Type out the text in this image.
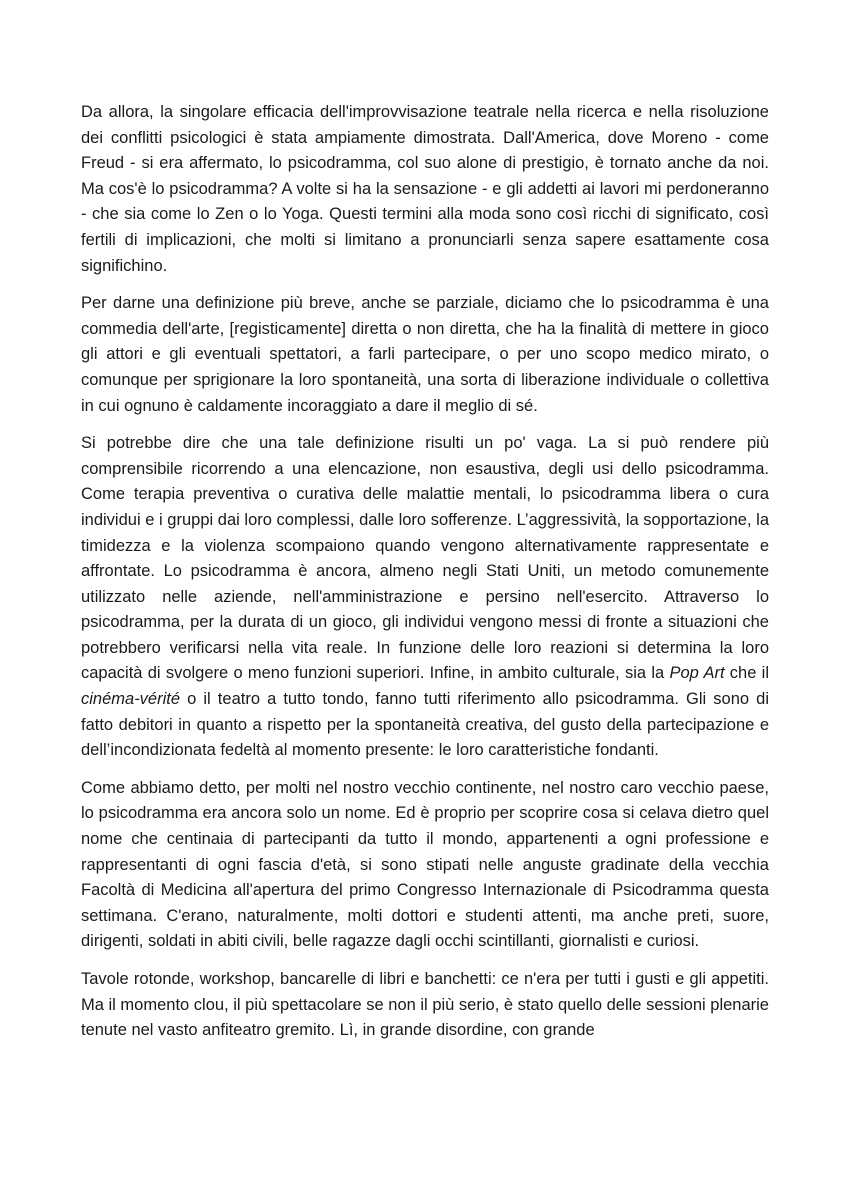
Da allora, la singolare efficacia dell'improvvisazione teatrale nella ricerca e nella risoluzione dei conflitti psicologici è stata ampiamente dimostrata. Dall'America, dove Moreno - come Freud - si era affermato, lo psicodramma, col suo alone di prestigio, è tornato anche da noi. Ma cos'è lo psicodramma? A volte si ha la sensazione - e gli addetti ai lavori mi perdoneranno - che sia come lo Zen o lo Yoga. Questi termini alla moda sono così ricchi di significato, così fertili di implicazioni, che molti si limitano a pronunciarli senza sapere esattamente cosa significhino.

Per darne una definizione più breve, anche se parziale, diciamo che lo psicodramma è una commedia dell'arte, [registicamente] diretta o non diretta, che ha la finalità di mettere in gioco gli attori e gli eventuali spettatori, a farli partecipare, o per uno scopo medico mirato, o comunque per sprigionare la loro spontaneità, una sorta di liberazione individuale o collettiva in cui ognuno è caldamente incoraggiato a dare il meglio di sé.

Si potrebbe dire che una tale definizione risulti un po' vaga. La si può rendere più comprensibile ricorrendo a una elencazione, non esaustiva, degli usi dello psicodramma. Come terapia preventiva o curativa delle malattie mentali, lo psicodramma libera o cura individui e i gruppi dai loro complessi, dalle loro sofferenze. L’aggressività, la sopportazione, la timidezza e la violenza scompaiono quando vengono alternativamente rappresentate e affrontate. Lo psicodramma è ancora, almeno negli Stati Uniti, un metodo comunemente utilizzato nelle aziende, nell'amministrazione e persino nell'esercito. Attraverso lo psicodramma, per la durata di un gioco, gli individui vengono messi di fronte a situazioni che potrebbero verificarsi nella vita reale. In funzione delle loro reazioni si determina la loro capacità di svolgere o meno funzioni superiori. Infine, in ambito culturale, sia la Pop Art che il cinéma-vérité o il teatro a tutto tondo, fanno tutti riferimento allo psicodramma. Gli sono di fatto debitori in quanto a rispetto per la spontaneità creativa, del gusto della partecipazione e dell’incondizionata fedeltà al momento presente: le loro caratteristiche fondanti.

Come abbiamo detto, per molti nel nostro vecchio continente, nel nostro caro vecchio paese, lo psicodramma era ancora solo un nome. Ed è proprio per scoprire cosa si celava dietro quel nome che centinaia di partecipanti da tutto il mondo, appartenenti a ogni professione e rappresentanti di ogni fascia d'età, si sono stipati nelle anguste gradinate della vecchia Facoltà di Medicina all'apertura del primo Congresso Internazionale di Psicodramma questa settimana. C'erano, naturalmente, molti dottori e studenti attenti, ma anche preti, suore, dirigenti, soldati in abiti civili, belle ragazze dagli occhi scintillanti, giornalisti e curiosi.

Tavole rotonde, workshop, bancarelle di libri e banchetti: ce n'era per tutti i gusti e gli appetiti. Ma il momento clou, il più spettacolare se non il più serio, è stato quello delle sessioni plenarie tenute nel vasto anfiteatro gremito. Lì, in grande disordine, con grande
